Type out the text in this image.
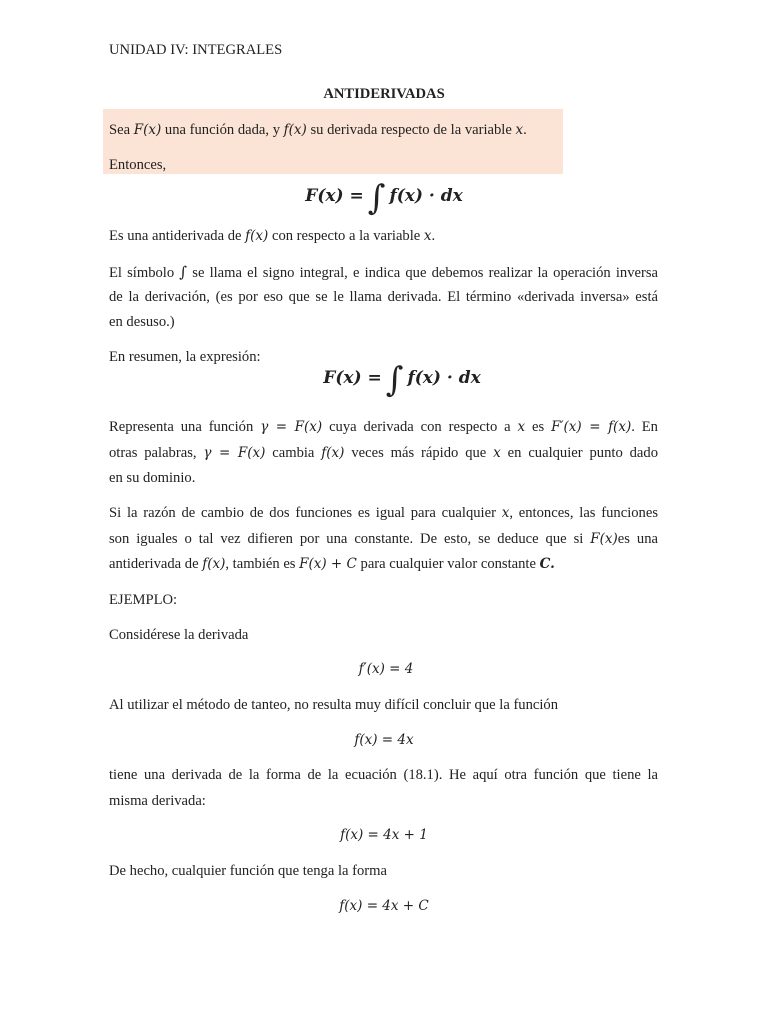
UNIDAD IV: INTEGRALES
ANTIDERIVADAS
Sea F(x) una función dada, y f(x) su derivada respecto de la variable x.
Entonces,
F(x) = ∫ f(x) · dx
Es una antiderivada de f(x) con respecto a la variable x.
El símbolo ∫ se llama el signo integral, e indica que debemos realizar la operación inversa
de la derivación, (es por eso que se le llama derivada. El término «derivada inversa» está
en desuso.)
En resumen, la expresión:
F(x) = ∫ f(x) · dx
Representa una función γ = F(x) cuya derivada con respecto a x es F′(x) = f(x). En
otras palabras, γ = F(x) cambia f(x) veces más rápido que x en cualquier punto dado
en su dominio.
Si la razón de cambio de dos funciones es igual para cualquier x, entonces, las funciones
son iguales o tal vez difieren por una constante. De esto, se deduce que si F(x)es una
antiderivada de f(x), también es F(x) + C para cualquier valor constante C.
EJEMPLO:
Considérese la derivada
f′(x) = 4
Al utilizar el método de tanteo, no resulta muy difícil concluir que la función
f(x) = 4x
tiene una derivada de la forma de la ecuación (18.1). He aquí otra función que tiene la
misma derivada:
f(x) = 4x + 1
De hecho, cualquier función que tenga la forma
f(x) = 4x + C
